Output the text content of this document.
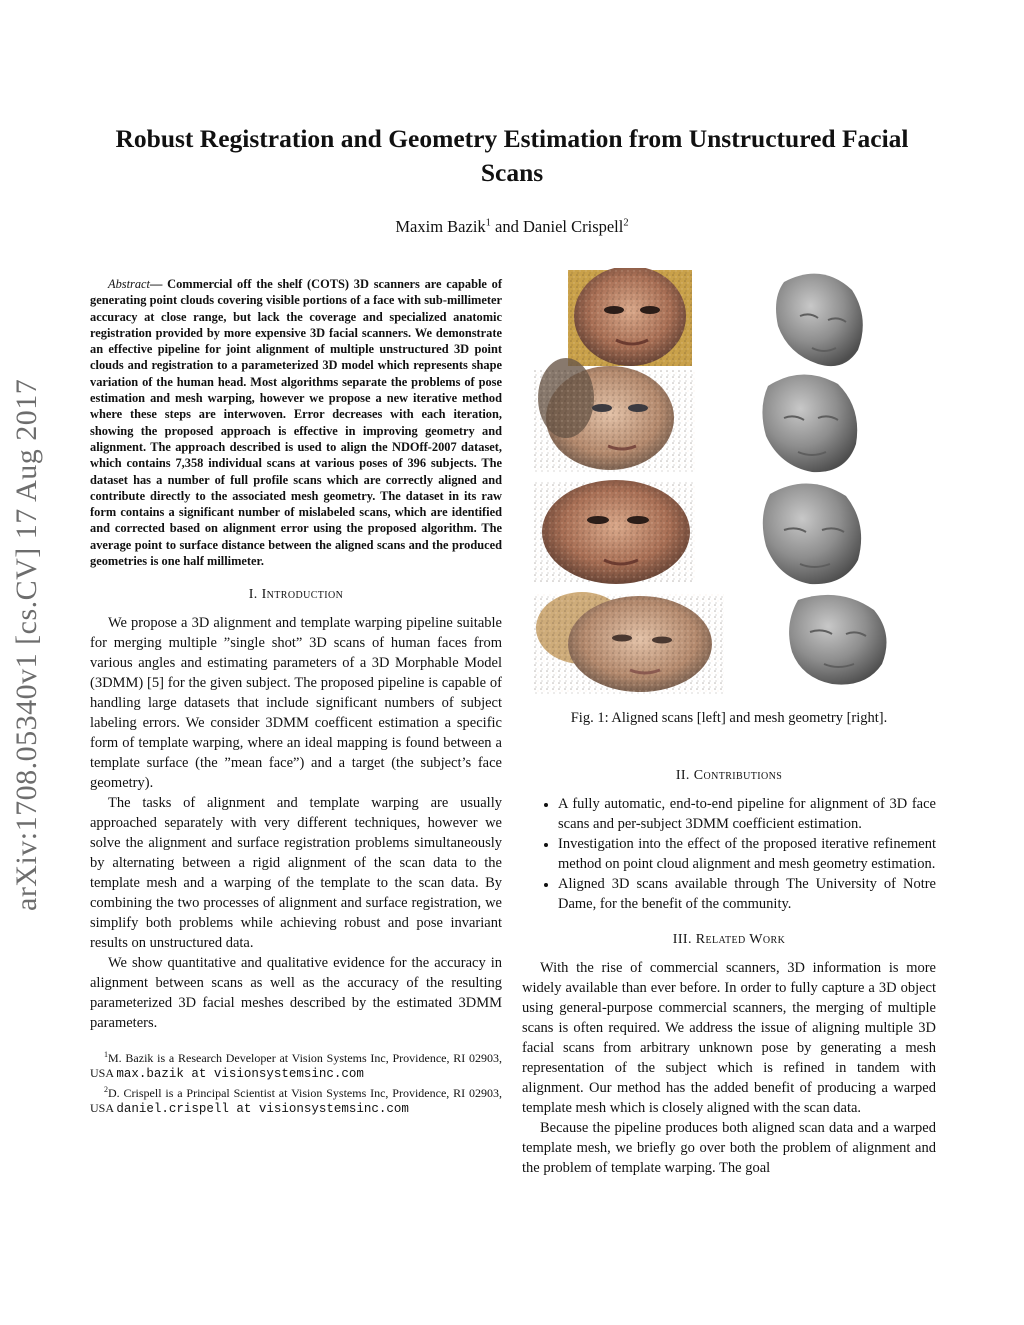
arXiv:1708.05340v1 [cs.CV] 17 Aug 2017
Robust Registration and Geometry Estimation from Unstructured Facial Scans
Maxim Bazik$^1$ and Daniel Crispell$^2$

Abstract— Commercial off the shelf (COTS) 3D scanners are capable of generating point clouds covering visible portions of a face with sub-millimeter accuracy at close range, but lack the coverage and specialized anatomic registration provided by more expensive 3D facial scanners. We demonstrate an effective pipeline for joint alignment of multiple unstructured 3D point clouds and registration to a parameterized 3D model which represents shape variation of the human head. Most algorithms separate the problems of pose estimation and mesh warping, however we propose a new iterative method where these steps are interwoven. Error decreases with each iteration, showing the proposed approach is effective in improving geometry and alignment. The approach described is used to align the NDOff-2007 dataset, which contains 7,358 individual scans at various poses of 396 subjects. The dataset has a number of full profile scans which are correctly aligned and contribute directly to the associated mesh geometry. The dataset in its raw form contains a significant number of mislabeled scans, which are identified and corrected based on alignment error using the proposed algorithm. The average point to surface distance between the aligned scans and the produced geometries is one half millimeter.

I. Introduction

We propose a 3D alignment and template warping pipeline suitable for merging multiple ”single shot” 3D scans of human faces from various angles and estimating parameters of a 3D Morphable Model (3DMM) [5] for the given subject. The proposed pipeline is capable of handling large datasets that include significant numbers of subject labeling errors. We consider 3DMM coefficent estimation a specific form of template warping, where an ideal mapping is found between a template surface (the ”mean face”) and a target (the subject’s face geometry).

The tasks of alignment and template warping are usually approached separately with very different techniques, however we solve the alignment and surface registration problems simultaneously by alternating between a rigid alignment of the scan data to the template mesh and a warping of the template to the scan data. By combining the two processes of alignment and surface registration, we simplify both problems while achieving robust and pose invariant results on unstructured data.

We show quantitative and qualitative evidence for the accuracy in alignment between scans as well as the accuracy of the resulting parameterized 3D facial meshes described by the estimated 3DMM parameters.

$^1$M. Bazik is a Research Developer at Vision Systems Inc, Providence, RI 02903, USA max.bazik at visionsystemsinc.com

$^2$D. Crispell is a Principal Scientist at Vision Systems Inc, Providence, RI 02903, USA daniel.crispell at visionsystemsinc.com

Fig. 1: Aligned scans [left] and mesh geometry [right].
II. Contributions
• A fully automatic, end-to-end pipeline for alignment of 3D face scans and per-subject 3DMM coefficient estimation.
• Investigation into the effect of the proposed iterative refinement method on point cloud alignment and mesh geometry estimation.
• Aligned 3D scans available through The University of Notre Dame, for the benefit of the community.
III. Related Work

With the rise of commercial scanners, 3D information is more widely available than ever before. In order to fully capture a 3D object using general-purpose commercial scanners, the merging of multiple scans is often required. We address the issue of aligning multiple 3D facial scans from arbitrary unknown pose by generating a mesh representation of the subject which is refined in tandem with alignment. Our method has the added benefit of producing a warped template mesh which is closely aligned with the scan data.

Because the pipeline produces both aligned scan data and a warped template mesh, we briefly go over both the problem of alignment and the problem of template warping. The goal
